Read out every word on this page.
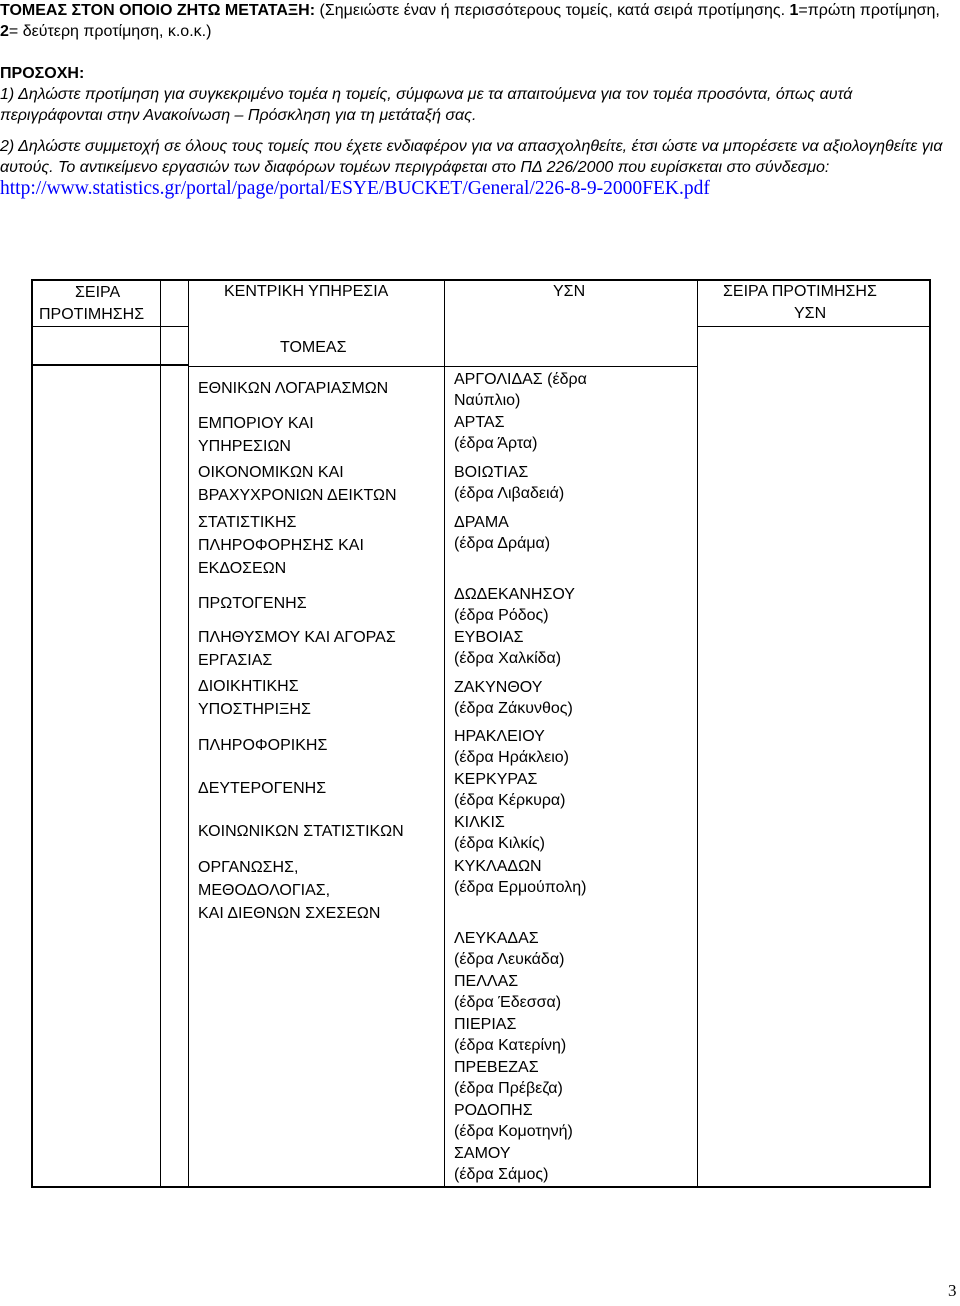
ΤΟΜΕΑΣ ΣΤΟΝ ΟΠΟΙΟ ΖΗΤΩ ΜΕΤΑΤΑΞΗ: (Σημειώστε έναν ή περισσότερους τομείς, κατά σειρά προτίμησης. 1=πρώτη προτίμηση, 2= δεύτερη προτίμηση, κ.ο.κ.)

ΠΡΟΣΟΧΗ:

1) Δηλώστε προτίμηση για συγκεκριμένο τομέα η τομείς, σύμφωνα με τα απαιτούμενα για τον τομέα προσόντα, όπως αυτά περιγράφονται στην Ανακοίνωση – Πρόσκληση για τη μετάταξή σας.

2) Δηλώστε συμμετοχή σε όλους τους τομείς που έχετε ενδιαφέρον για να απασχοληθείτε, έτσι ώστε να μπορέσετε να αξιολογηθείτε για αυτούς. Το αντικείμενο εργασιών των διαφόρων τομέων περιγράφεται στο ΠΔ 226/2000 που ευρίσκεται στο σύνδεσμο: http://www.statistics.gr/portal/page/portal/ESYE/BUCKET/General/226-8-9-2000FEK.pdf

ΣΕΙΡΑ
ΠΡΟΤΙΜΗΣΗΣ
ΚΕΝΤΡΙΚΗ ΥΠΗΡΕΣΙΑ	ΥΣΝ	ΣΕΙΡΑ ΠΡΟΤΙΜΗΣΗΣ
ΥΣΝ
ΤΟΜΕΑΣ
ΕΘΝΙΚΩΝ ΛΟΓΑΡΙΑΣΜΩΝ
ΕΜΠΟΡΙΟΥ ΚΑΙ
ΥΠΗΡΕΣΙΩΝ
ΟΙΚΟΝΟΜΙΚΩΝ ΚΑΙ
ΒΡΑΧΥΧΡΟΝΙΩΝ ΔΕΙΚΤΩΝ
ΣΤΑΤΙΣΤΙΚΗΣ
ΠΛΗΡΟΦΟΡΗΣΗΣ ΚΑΙ
ΕΚΔΟΣΕΩΝ
ΠΡΩΤΟΓΕΝΗΣ
ΠΛΗΘΥΣΜΟΥ ΚΑΙ ΑΓΟΡΑΣ
ΕΡΓΑΣΙΑΣ
ΔΙΟΙΚΗΤΙΚΗΣ
ΥΠΟΣΤΗΡΙΞΗΣ
ΠΛΗΡΟΦΟΡΙΚΗΣ
ΔΕΥΤΕΡΟΓΕΝΗΣ
ΚΟΙΝΩΝΙΚΩΝ ΣΤΑΤΙΣΤΙΚΩΝ
ΟΡΓΑΝΩΣΗΣ,
ΜΕΘΟΔΟΛΟΓΙΑΣ,
ΚΑΙ ΔΙΕΘΝΩΝ ΣΧΕΣΕΩΝ
ΑΡΓΟΛΙΔΑΣ (έδρα
Ναύπλιο)
ΑΡΤΑΣ
(έδρα Άρτα)
ΒΟΙΩΤΙΑΣ
(έδρα Λιβαδειά)
ΔΡΑΜΑ
(έδρα Δράμα)
ΔΩΔΕΚΑΝΗΣΟΥ
(έδρα Ρόδος)
ΕΥΒΟΙΑΣ
(έδρα Χαλκίδα)
ΖΑΚΥΝΘΟΥ
(έδρα Ζάκυνθος)
ΗΡΑΚΛΕΙΟΥ
(έδρα Ηράκλειο)
ΚΕΡΚΥΡΑΣ
(έδρα Κέρκυρα)
ΚΙΛΚΙΣ
(έδρα Κιλκίς)
ΚΥΚΛΑΔΩΝ
(έδρα Ερμούπολη)
ΛΕΥΚΑΔΑΣ
(έδρα Λευκάδα)
ΠΕΛΛΑΣ
(έδρα Έδεσσα)
ΠΙΕΡΙΑΣ
(έδρα Κατερίνη)
ΠΡΕΒΕΖΑΣ
(έδρα Πρέβεζα)
ΡΟΔΟΠΗΣ
(έδρα Κομοτηνή)
ΣΑΜΟΥ
(έδρα Σάμος)
3
